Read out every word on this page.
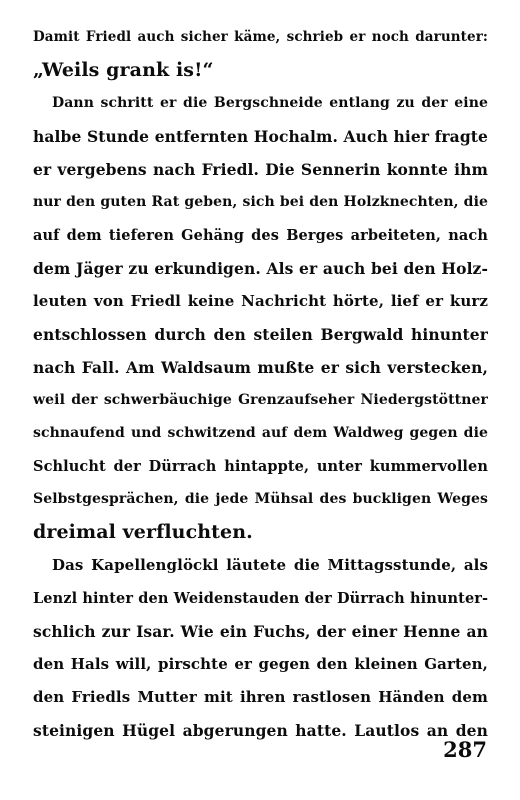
Damit Friedl auch sicher käme, schrieb er noch darunter:
„Weils grank is!“
Dann schritt er die Bergschneide entlang zu der eine
halbe Stunde entfernten Hochalm. Auch hier fragte
er vergebens nach Friedl. Die Sennerin konnte ihm
nur den guten Rat geben, sich bei den Holzknechten, die
auf dem tieferen Gehäng des Berges arbeiteten, nach
dem Jäger zu erkundigen. Als er auch bei den Holz-
leuten von Friedl keine Nachricht hörte, lief er kurz
entschlossen durch den steilen Bergwald hinunter
nach Fall. Am Waldsaum mußte er sich verstecken,
weil der schwerbäuchige Grenzaufseher Niedergstöttner
schnaufend und schwitzend auf dem Waldweg gegen die
Schlucht der Dürrach hintappte, unter kummervollen
Selbstgesprächen, die jede Mühsal des buckligen Weges
dreimal verfluchten.
Das Kapellenglöckl läutete die Mittagsstunde, als
Lenzl hinter den Weidenstauden der Dürrach hinunter-
schlich zur Isar. Wie ein Fuchs, der einer Henne an
den Hals will, pirschte er gegen den kleinen Garten,
den Friedls Mutter mit ihren rastlosen Händen dem
steinigen Hügel abgerungen hatte. Lautlos an den
287
